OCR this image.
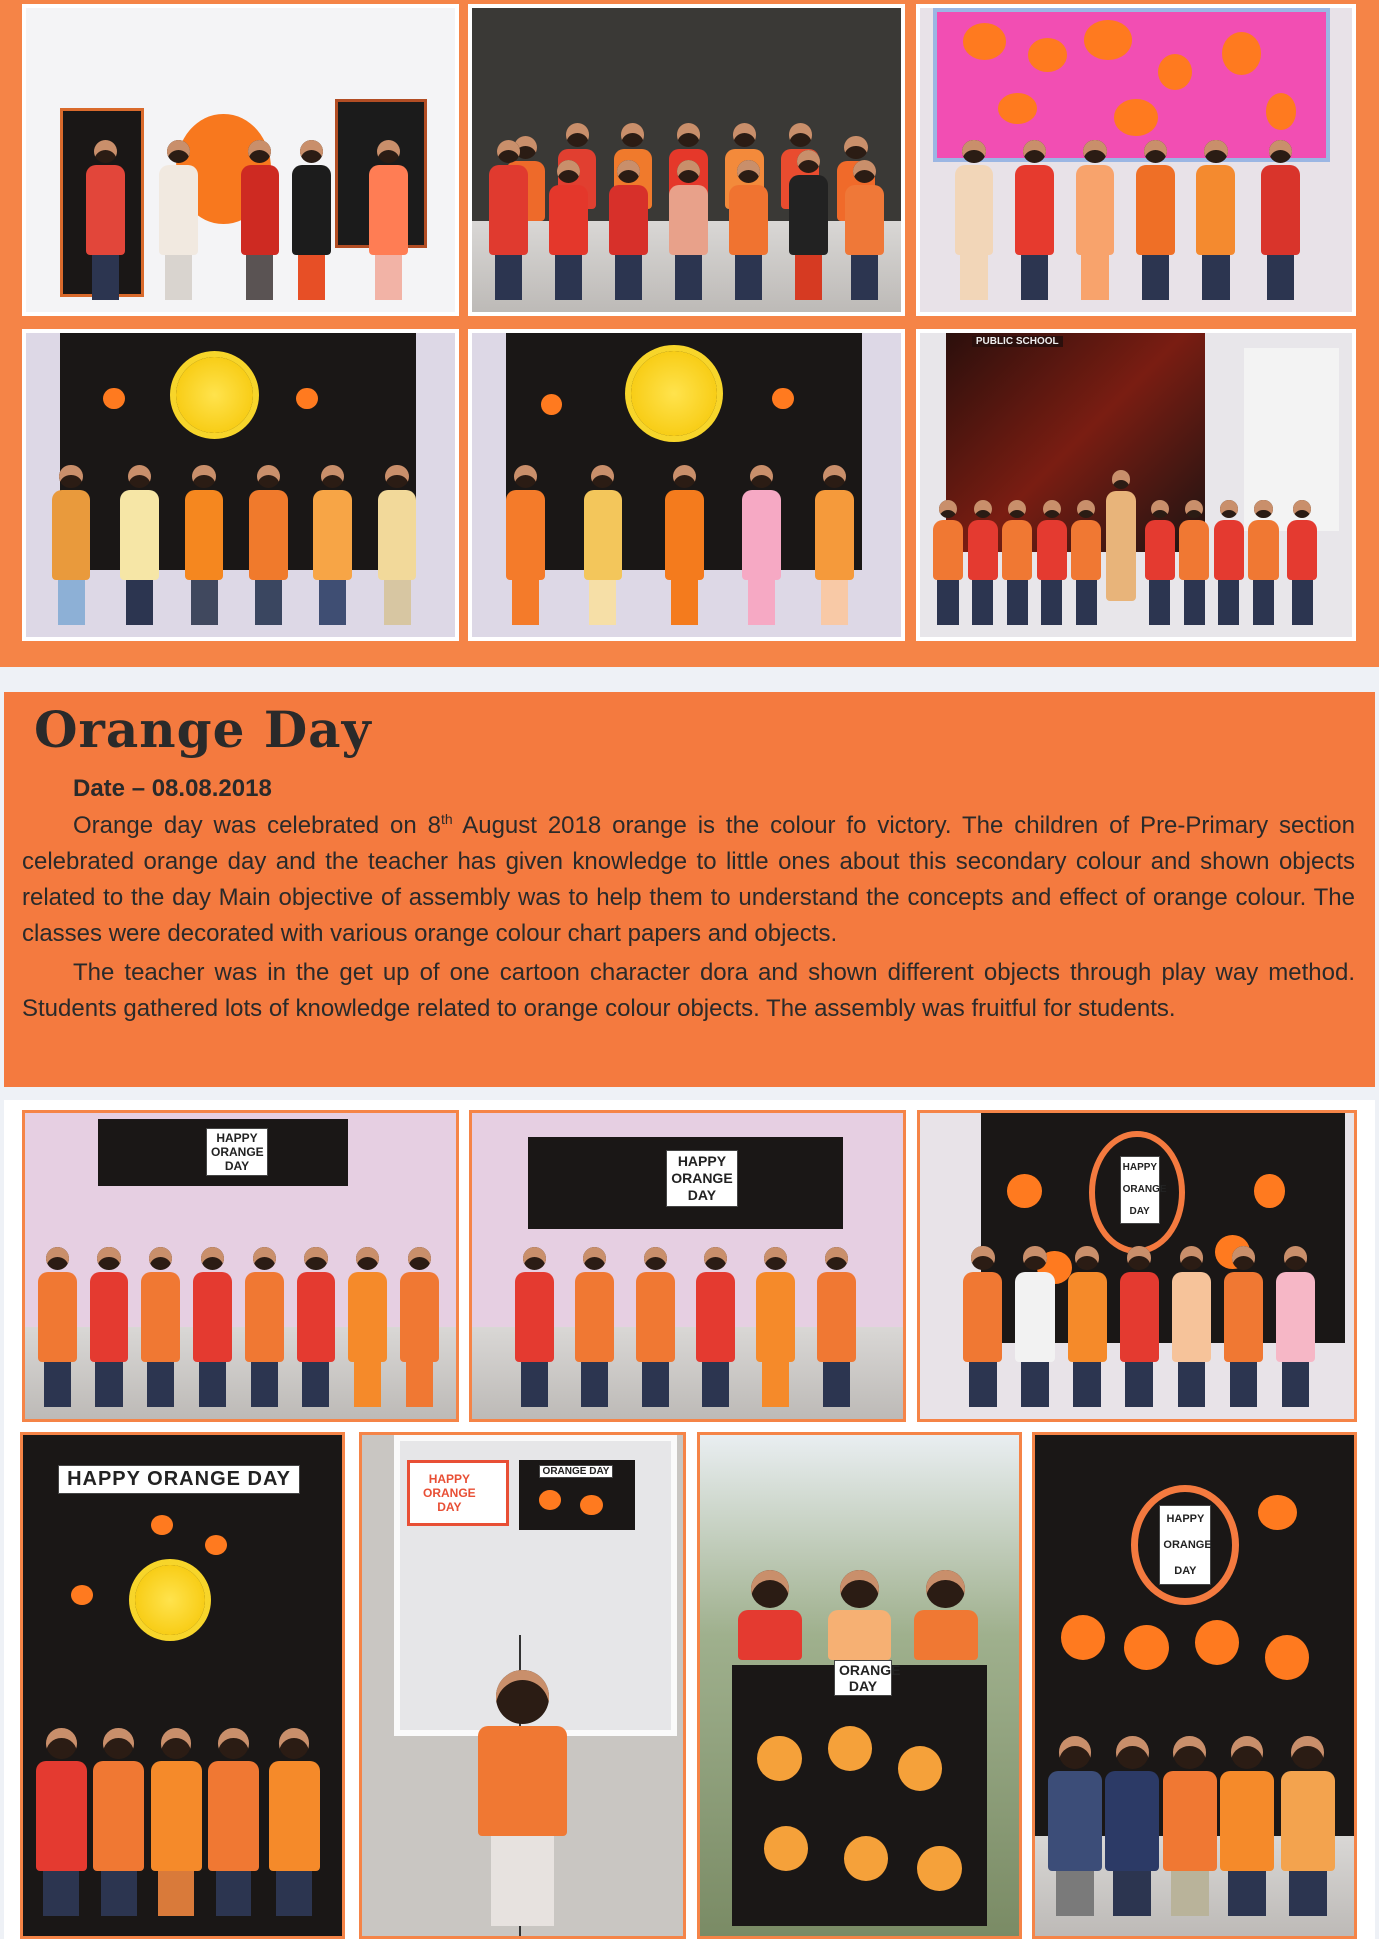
PUBLIC SCHOOL
Orange Day
Date – 08.08.2018

Orange day was celebrated on 8th August 2018 orange is the colour fo victory. The children of Pre-Primary section celebrated orange day and the teacher has given knowledge to little ones about this secondary colour and shown objects related to the day Main objective of assembly was to help them to understand the concepts and effect of orange colour. The classes were decorated with various orange colour chart papers and objects.

The teacher was in the get up of one cartoon character dora and shown different objects through play way method. Students gathered lots of knowledge related to orange colour objects. The assembly was fruitful for students.

HAPPY
ORANGE
DAY	HAPPY
ORANGE
DAY
HAPPY
ORANGE
DAY
HAPPY ORANGE DAY	HAPPY ORANGE DAY
ORANGE DAY
ORANGE
DAY
HAPPY
ORANGE
DAY
